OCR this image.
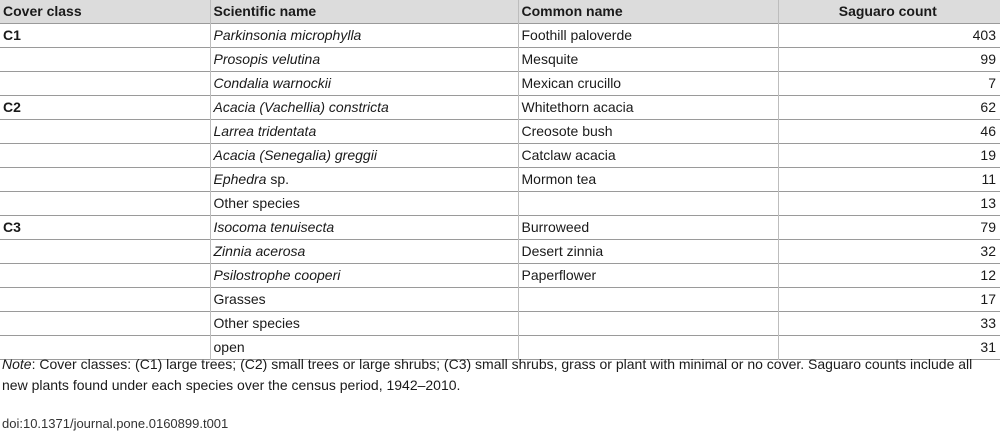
Cover class	Scientific name	Common name	Saguaro count
C1	Parkinsonia microphylla	Foothill paloverde	403
	Prosopis velutina	Mesquite	99
	Condalia warnockii	Mexican crucillo	7
C2	Acacia (Vachellia) constricta	Whitethorn acacia	62
	Larrea tridentata	Creosote bush	46
	Acacia (Senegalia) greggii	Catclaw acacia	19
	Ephedra sp.	Mormon tea	11
	Other species		13
C3	Isocoma tenuisecta	Burroweed	79
	Zinnia acerosa	Desert zinnia	32
	Psilostrophe cooperi	Paperflower	12
	Grasses		17
	Other species		33
	open		31
Note: Cover classes: (C1) large trees; (C2) small trees or large shrubs; (C3) small shrubs, grass or plant with minimal or no cover. Saguaro counts include all new plants found under each species over the census period, 1942–2010.
doi:10.1371/journal.pone.0160899.t001
